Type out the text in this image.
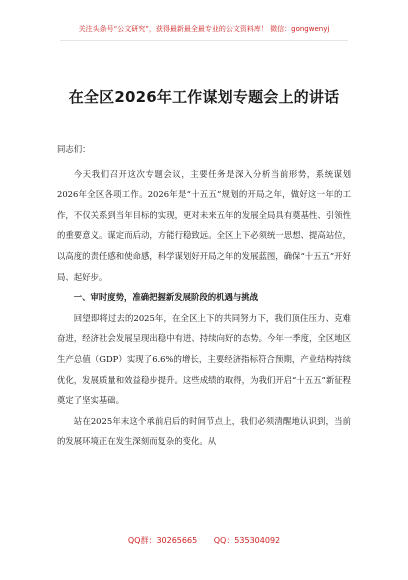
关注头条号“公文研究”，获得最新最全最专业的公文资料库！ 微信：gongwenyj
在全区2026年工作谋划专题会上的讲话

同志们：

今天我们召开这次专题会议，主要任务是深入分析当前形势，系统谋划2026年全区各项工作。2026年是“十五五”规划的开局之年，做好这一年的工作，不仅关系到当年目标的实现，更对未来五年的发展全局具有奠基性、引领性的重要意义。谋定而后动，方能行稳致远。全区上下必须统一思想、提高站位，以高度的责任感和使命感，科学谋划好开局之年的发展蓝图，确保“十五五”开好局、起好步。

一、审时度势，准确把握新发展阶段的机遇与挑战

回望即将过去的2025年，在全区上下的共同努力下，我们顶住压力、克难奋进，经济社会发展呈现出稳中有进、持续向好的态势。今年一季度，全区地区生产总值（GDP）实现了6.6%的增长，主要经济指标符合预期，产业结构持续优化，发展质量和效益稳步提升。这些成绩的取得，为我们开启“十五五”新征程奠定了坚实基础。

站在2025年末这个承前启后的时间节点上，我们必须清醒地认识到，当前的发展环境正在发生深刻而复杂的变化。从

QQ群：30265665 QQ：535304092
